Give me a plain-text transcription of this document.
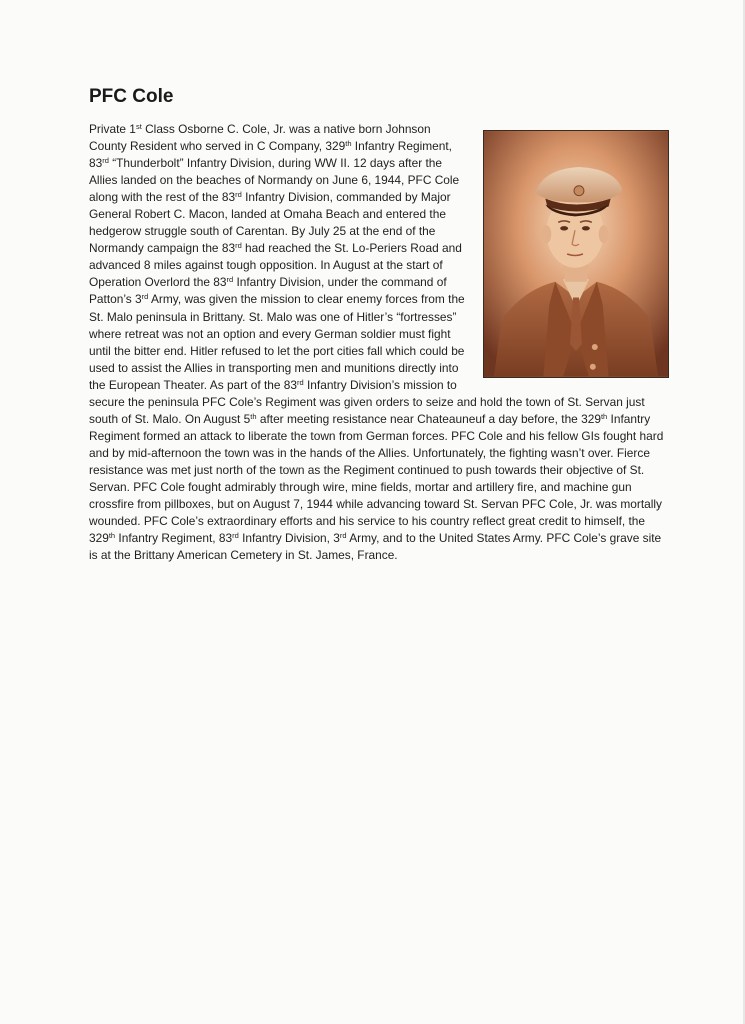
PFC Cole
Private 1st Class Osborne C. Cole, Jr. was a native born Johnson County Resident who served in C Company, 329th Infantry Regiment, 83rd “Thunderbolt” Infantry Division, during WW II. 12 days after the Allies landed on the beaches of Normandy on June 6, 1944, PFC Cole along with the rest of the 83rd Infantry Division, commanded by Major General Robert C. Macon, landed at Omaha Beach and entered the hedgerow struggle south of Carentan. By July 25 at the end of the Normandy campaign the 83rd had reached the St. Lo-Periers Road and advanced 8 miles against tough opposition. In August at the start of Operation Overlord the 83rd Infantry Division, under the command of Patton’s 3rd Army, was given the mission to clear enemy forces from the St. Malo peninsula in Brittany. St. Malo was one of Hitler’s “fortresses” where retreat was not an option and every German soldier must fight until the bitter end. Hitler refused to let the port cities fall which could be used to assist the Allies in transporting men and munitions directly into the European Theater. As part of the 83rd Infantry Division’s mission to secure the peninsula PFC Cole’s Regiment was given orders to seize and hold the town of St. Servan just south of St. Malo. On August 5th after meeting resistance near Chateauneuf a day before, the 329th Infantry Regiment formed an attack to liberate the town from German forces. PFC Cole and his fellow GIs fought hard and by mid-afternoon the town was in the hands of the Allies. Unfortunately, the fighting wasn’t over. Fierce resistance was met just north of the town as the Regiment continued to push towards their objective of St. Servan. PFC Cole fought admirably through wire, mine fields, mortar and artillery fire, and machine gun crossfire from pillboxes, but on August 7, 1944 while advancing toward St. Servan PFC Cole, Jr. was mortally wounded. PFC Cole’s extraordinary efforts and his service to his country reflect great credit to himself, the 329th Infantry Regiment, 83rd Infantry Division, 3rd Army, and to the United States Army. PFC Cole’s grave site is at the Brittany American Cemetery in St. James, France.
